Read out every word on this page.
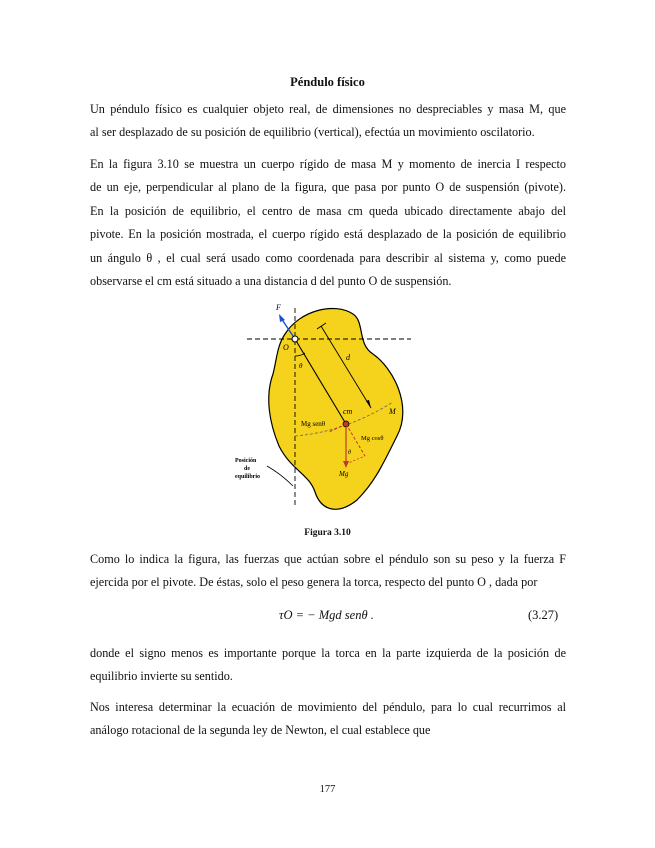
Péndulo físico

Un péndulo físico es cualquier objeto real, de dimensiones no despreciables y masa M, que
al ser desplazado de su posición de equilibrio (vertical), efectúa un movimiento oscilatorio.

En la figura 3.10 se muestra un cuerpo rígido de masa M y momento de inercia I respecto
de un eje, perpendicular al plano de la figura, que pasa por punto O de suspensión (pivote).
En la posición de equilibrio, el centro de masa cm queda ubicado directamente abajo del
pivote. En la posición mostrada, el cuerpo rígido está desplazado de la posición de equilibrio
un ángulo θ , el cual será usado como coordenada para describir al sistema y, como puede
observarse el cm está situado a una distancia d del punto O de suspensión.

F
O
θ
d
cm	M
Mg senθ
Mg cosθ
θ
Mg
Posición
de
equilibrio
Figura 3.10

Como lo indica la figura, las fuerzas que actúan sobre el péndulo son su peso y la fuerza F
ejercida por el pivote. De éstas, solo el peso genera la torca, respecto del punto O , dada por

τO = − Mgd senθ .	(3.27)

donde el signo menos es importante porque la torca en la parte izquierda de la posición de
equilibrio invierte su sentido.

Nos interesa determinar la ecuación de movimiento del péndulo, para lo cual recurrimos al
análogo rotacional de la segunda ley de Newton, el cual establece que

177
